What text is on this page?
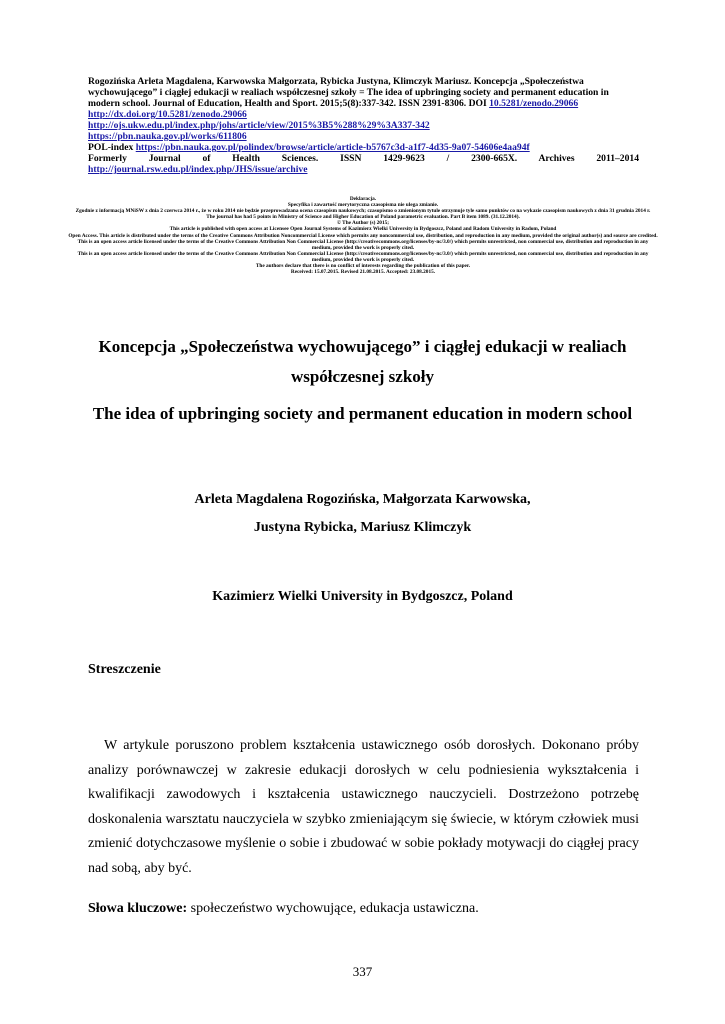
Rogozińska Arleta Magdalena, Karwowska Małgorzata, Rybicka Justyna, Klimczyk Mariusz. Koncepcja „Społeczeństwa wychowującego” i ciągłej edukacji w realiach współczesnej szkoły = The idea of upbringing society and permanent education in modern school. Journal of Education, Health and Sport. 2015;5(8):337-342. ISSN 2391-8306. DOI 10.5281/zenodo.29066

http://dx.doi.org/10.5281/zenodo.29066

http://ojs.ukw.edu.pl/index.php/johs/article/view/2015%3B5%288%29%3A337-342

https://pbn.nauka.gov.pl/works/611806

POL-index https://pbn.nauka.gov.pl/polindex/browse/article/article-b5767c3d-a1f7-4d35-9a07-54606e4aa94f

Formerly Journal of Health Sciences. ISSN 1429-9623 / 2300-665X. Archives 2011–2014

http://journal.rsw.edu.pl/index.php/JHS/issue/archive

Deklaracja.

Specyfika i zawartość merytoryczna czasopisma nie ulega zmianie.

Zgodnie z informacją MNiSW z dnia 2 czerwca 2014 r., że w roku 2014 nie będzie przeprowadzana ocena czasopism naukowych; czasopismo o zmienionym tytule otrzymuje tyle samo punktów co na wykazie czasopism naukowych z dnia 31 grudnia 2014 r.

The journal has had 5 points in Ministry of Science and Higher Education of Poland parametric evaluation. Part B item 1089. (31.12.2014).

© The Author (s) 2015;

This article is published with open access at Licensee Open Journal Systems of Kazimierz Wielki University in Bydgoszcz, Poland and Radom University in Radom, Poland

Open Access. This article is distributed under the terms of the Creative Commons Attribution Noncommercial License which permits any noncommercial use, distribution, and reproduction in any medium, provided the original author(s) and source are credited. This is an open access article licensed under the terms of the Creative Commons Attribution Non Commercial License (http://creativecommons.org/licenses/by-nc/3.0/) which permits unrestricted, non commercial use, distribution and reproduction in any medium, provided the work is properly cited.

This is an open access article licensed under the terms of the Creative Commons Attribution Non Commercial License (http://creativecommons.org/licenses/by-nc/3.0/) which permits unrestricted, non commercial use, distribution and reproduction in any medium, provided the work is properly cited.

The authors declare that there is no conflict of interests regarding the publication of this paper.

Received: 15.07.2015. Revised 21.08.2015. Accepted: 23.08.2015.

Koncepcja „Społeczeństwa wychowującego” i ciągłej edukacji w realiach współczesnej szkoły
The idea of upbringing society and permanent education in modern school

Arleta Magdalena Rogozińska, Małgorzata Karwowska,

Justyna Rybicka, Mariusz Klimczyk

Kazimierz Wielki University in Bydgoszcz, Poland

Streszczenie

W artykule poruszono problem kształcenia ustawicznego osób dorosłych. Dokonano próby analizy porównawczej w zakresie edukacji dorosłych w celu podniesienia wykształcenia i kwalifikacji zawodowych i kształcenia ustawicznego nauczycieli. Dostrzeżono potrzebę doskonalenia warsztatu nauczyciela w szybko zmieniającym się świecie, w którym człowiek musi zmienić dotychczasowe myślenie o sobie i zbudować w sobie pokłady motywacji do ciągłej pracy nad sobą, aby być.

Słowa kluczowe: społeczeństwo wychowujące, edukacja ustawiczna.

337
